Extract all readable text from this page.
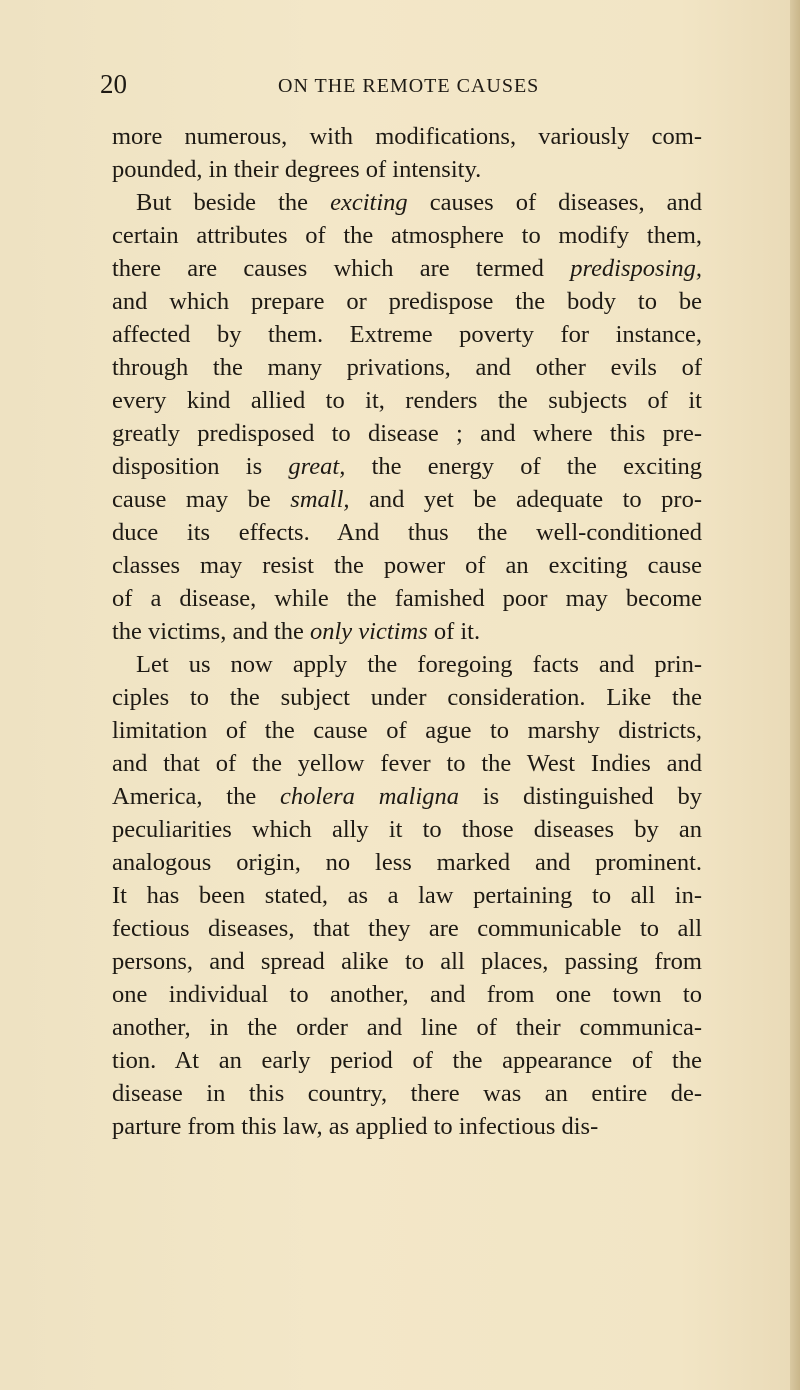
20	ON THE REMOTE CAUSES
more numerous, with modifications, variously com-
pounded, in their degrees of intensity.
But beside the exciting causes of diseases, and
certain attributes of the atmosphere to modify them,
there are causes which are termed predisposing,
and which prepare or predispose the body to be
affected by them. Extreme poverty for instance,
through the many privations, and other evils of
every kind allied to it, renders the subjects of it
greatly predisposed to disease ; and where this pre-
disposition is great, the energy of the exciting
cause may be small, and yet be adequate to pro-
duce its effects. And thus the well-conditioned
classes may resist the power of an exciting cause
of a disease, while the famished poor may become
the victims, and the only victims of it.
Let us now apply the foregoing facts and prin-
ciples to the subject under consideration. Like the
limitation of the cause of ague to marshy districts,
and that of the yellow fever to the West Indies and
America, the cholera maligna is distinguished by
peculiarities which ally it to those diseases by an
analogous origin, no less marked and prominent.
It has been stated, as a law pertaining to all in-
fectious diseases, that they are communicable to all
persons, and spread alike to all places, passing from
one individual to another, and from one town to
another, in the order and line of their communica-
tion. At an early period of the appearance of the
disease in this country, there was an entire de-
parture from this law, as applied to infectious dis-
